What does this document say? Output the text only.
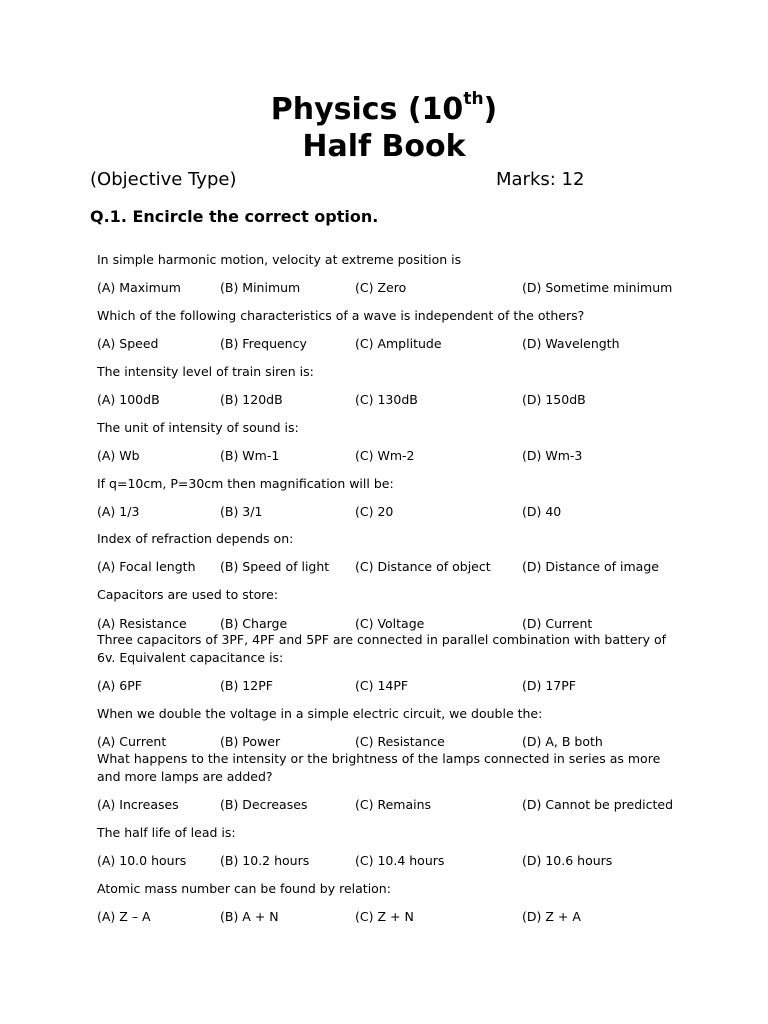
Physics (10th)
Half Book
(Objective Type)	Marks: 12
Q.1. Encircle the correct option.
In simple harmonic motion, velocity at extreme position is
(A) Maximum	(B) Minimum	(C) Zero	(D) Sometime minimum
Which of the following characteristics of a wave is independent of the others?
(A) Speed	(B) Frequency	(C) Amplitude	(D) Wavelength
The intensity level of train siren is:
(A) 100dB	(B) 120dB	(C) 130dB	(D) 150dB
The unit of intensity of sound is:
(A) Wb	(B) Wm-1	(C) Wm-2	(D) Wm-3
If q=10cm, P=30cm then magnification will be:
(A) 1/3	(B) 3/1	(C) 20	(D) 40
Index of refraction depends on:
(A) Focal length (B) Speed of light (C) Distance of object	(D) Distance of image
Capacitors are used to store:
(A) Resistance	(B) Charge	(C) Voltage	(D) Current
Three capacitors of 3PF, 4PF and 5PF are connected in parallel combination with battery of 6v. Equivalent capacitance is:
(A) 6PF	(B) 12PF	(C) 14PF	(D) 17PF
When we double the voltage in a simple electric circuit, we double the:
(A) Current	(B) Power	(C) Resistance	(D) A, B both
What happens to the intensity or the brightness of the lamps connected in series as more and more lamps are added?
(A) Increases	(B) Decreases	(C) Remains	(D) Cannot be predicted
The half life of lead is:
(A) 10.0 hours	(B) 10.2 hours	(C) 10.4 hours	(D) 10.6 hours
Atomic mass number can be found by relation:
(A) Z – A	(B) A + N	(C) Z + N	(D) Z + A
